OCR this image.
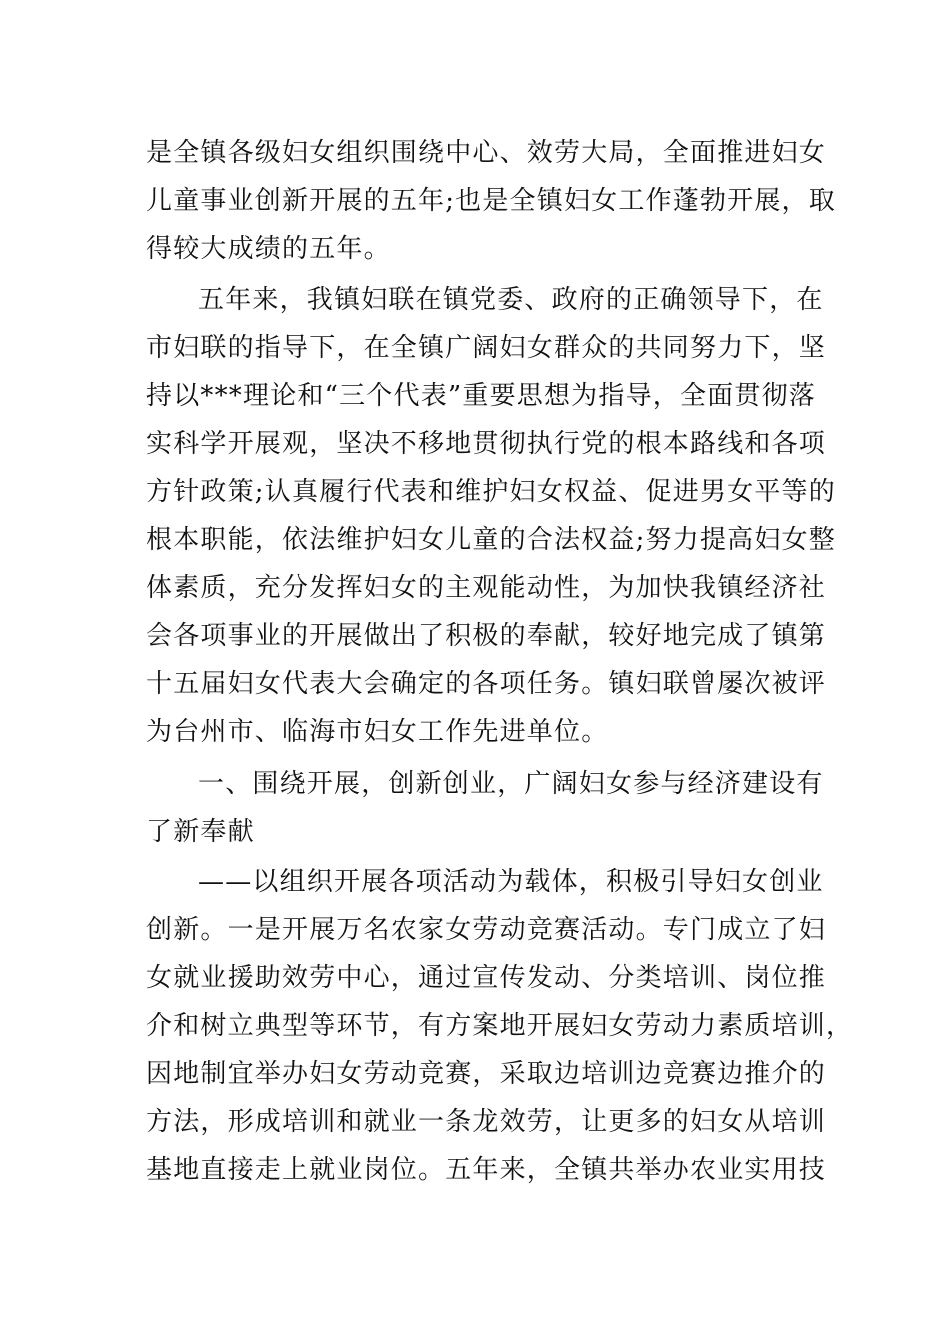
是全镇各级妇女组织围绕中心、效劳大局，全面推进妇女
儿童事业创新开展的五年;也是全镇妇女工作蓬勃开展，取
得较大成绩的五年。
五年来，我镇妇联在镇党委、政府的正确领导下，在
市妇联的指导下，在全镇广阔妇女群众的共同努力下，坚
持以***理论和“三个代表”重要思想为指导，全面贯彻落
实科学开展观，坚决不移地贯彻执行党的根本路线和各项
方针政策;认真履行代表和维护妇女权益、促进男女平等的
根本职能，依法维护妇女儿童的合法权益;努力提高妇女整
体素质，充分发挥妇女的主观能动性，为加快我镇经济社
会各项事业的开展做出了积极的奉献，较好地完成了镇第
十五届妇女代表大会确定的各项任务。镇妇联曾屡次被评
为台州市、临海市妇女工作先进单位。
一、围绕开展，创新创业，广阔妇女参与经济建设有
了新奉献
——以组织开展各项活动为载体，积极引导妇女创业
创新。一是开展万名农家女劳动竞赛活动。专门成立了妇
女就业援助效劳中心，通过宣传发动、分类培训、岗位推
介和树立典型等环节，有方案地开展妇女劳动力素质培训，
因地制宜举办妇女劳动竞赛，采取边培训边竞赛边推介的
方法，形成培训和就业一条龙效劳，让更多的妇女从培训
基地直接走上就业岗位。五年来，全镇共举办农业实用技
